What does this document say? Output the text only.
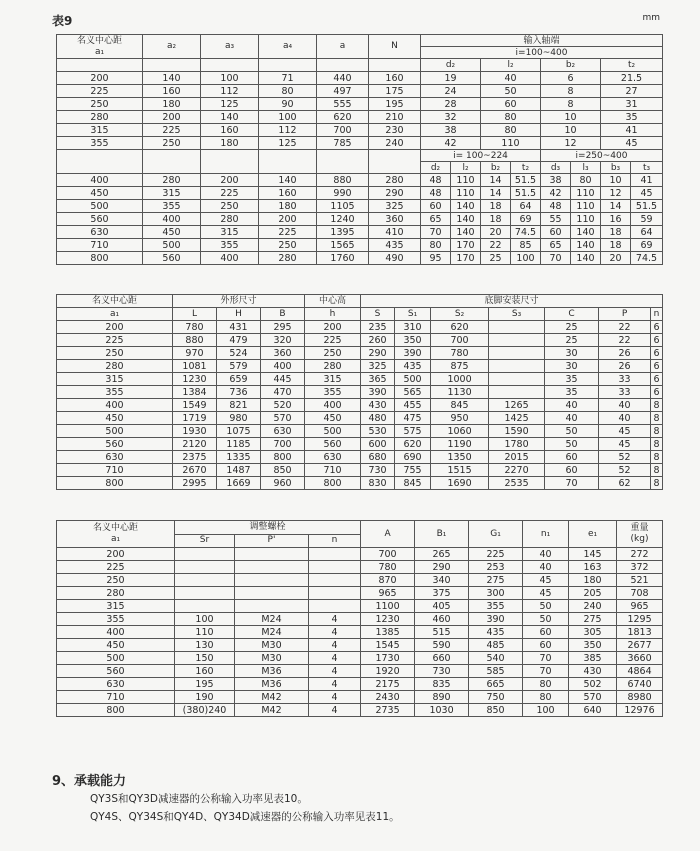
表9	mm
名义中心距
a₁	a₂	a₃	a₄	a	N	输入轴端							
						i=100~400							
						d₂		l₂		b₂		t₂	
200	140	100	71	440	160	19		40		6		21.5	
225	160	112	80	497	175	24		50		8		27	
250	180	125	90	555	195	28		60		8		31	
280	200	140	100	620	210	32		80		10		35	
315	225	160	112	700	230	38		80		10		41	
355	250	180	125	785	240	42		110		12		45	
						i= 100~224				i=250~400			
						d₂	l₂	b₂	t₂	d₃	l₃	b₃	t₃
400	280	200	140	880	280	48	110	14	51.5	38	80	10	41
450	315	225	160	990	290	48	110	14	51.5	42	110	12	45
500	355	250	180	1105	325	60	140	18	64	48	110	14	51.5
560	400	280	200	1240	360	65	140	18	69	55	110	16	59
630	450	315	225	1395	410	70	140	20	74.5	60	140	18	64
710	500	355	250	1565	435	80	170	22	85	65	140	18	69
800	560	400	280	1760	490	95	170	25	100	70	140	20	74.5
名义中心距	外形尺寸			中心高	底脚安装尺寸						
a₁	L	H	B	h	S	S₁	S₂	S₃	C	P	n
200	780	431	295	200	235	310	620		25	22	6
225	880	479	320	225	260	350	700		25	22	6
250	970	524	360	250	290	390	780		30	26	6
280	1081	579	400	280	325	435	875		30	26	6
315	1230	659	445	315	365	500	1000		35	33	6
355	1384	736	470	355	390	565	1130		35	33	6
400	1549	821	520	400	430	455	845	1265	40	40	8
450	1719	980	570	450	480	475	950	1425	40	40	8
500	1930	1075	630	500	530	575	1060	1590	50	45	8
560	2120	1185	700	560	600	620	1190	1780	50	45	8
630	2375	1335	800	630	680	690	1350	2015	60	52	8
710	2670	1487	850	710	730	755	1515	2270	60	52	8
800	2995	1669	960	800	830	845	1690	2535	70	62	8
名义中心距
a₁	调整螺栓			A	B₁	G₁	n₁	e₁	重量
(kg)
	Sr	P'	n						
200				700	265	225	40	145	272
225				780	290	253	40	163	372
250				870	340	275	45	180	521
280				965	375	300	45	205	708
315				1100	405	355	50	240	965
355	100	M24	4	1230	460	390	50	275	1295
400	110	M24	4	1385	515	435	60	305	1813
450	130	M30	4	1545	590	485	60	350	2677
500	150	M30	4	1730	660	540	70	385	3660
560	160	M36	4	1920	730	585	70	430	4864
630	195	M36	4	2175	835	665	80	502	6740
710	190	M42	4	2430	890	750	80	570	8980
800	(380)240	M42	4	2735	1030	850	100	640	12976
9、承载能力
QY3S和QY3D减速器的公称输入功率见表10。
QY4S、QY34S和QY4D、QY34D减速器的公称输入功率见表11。
